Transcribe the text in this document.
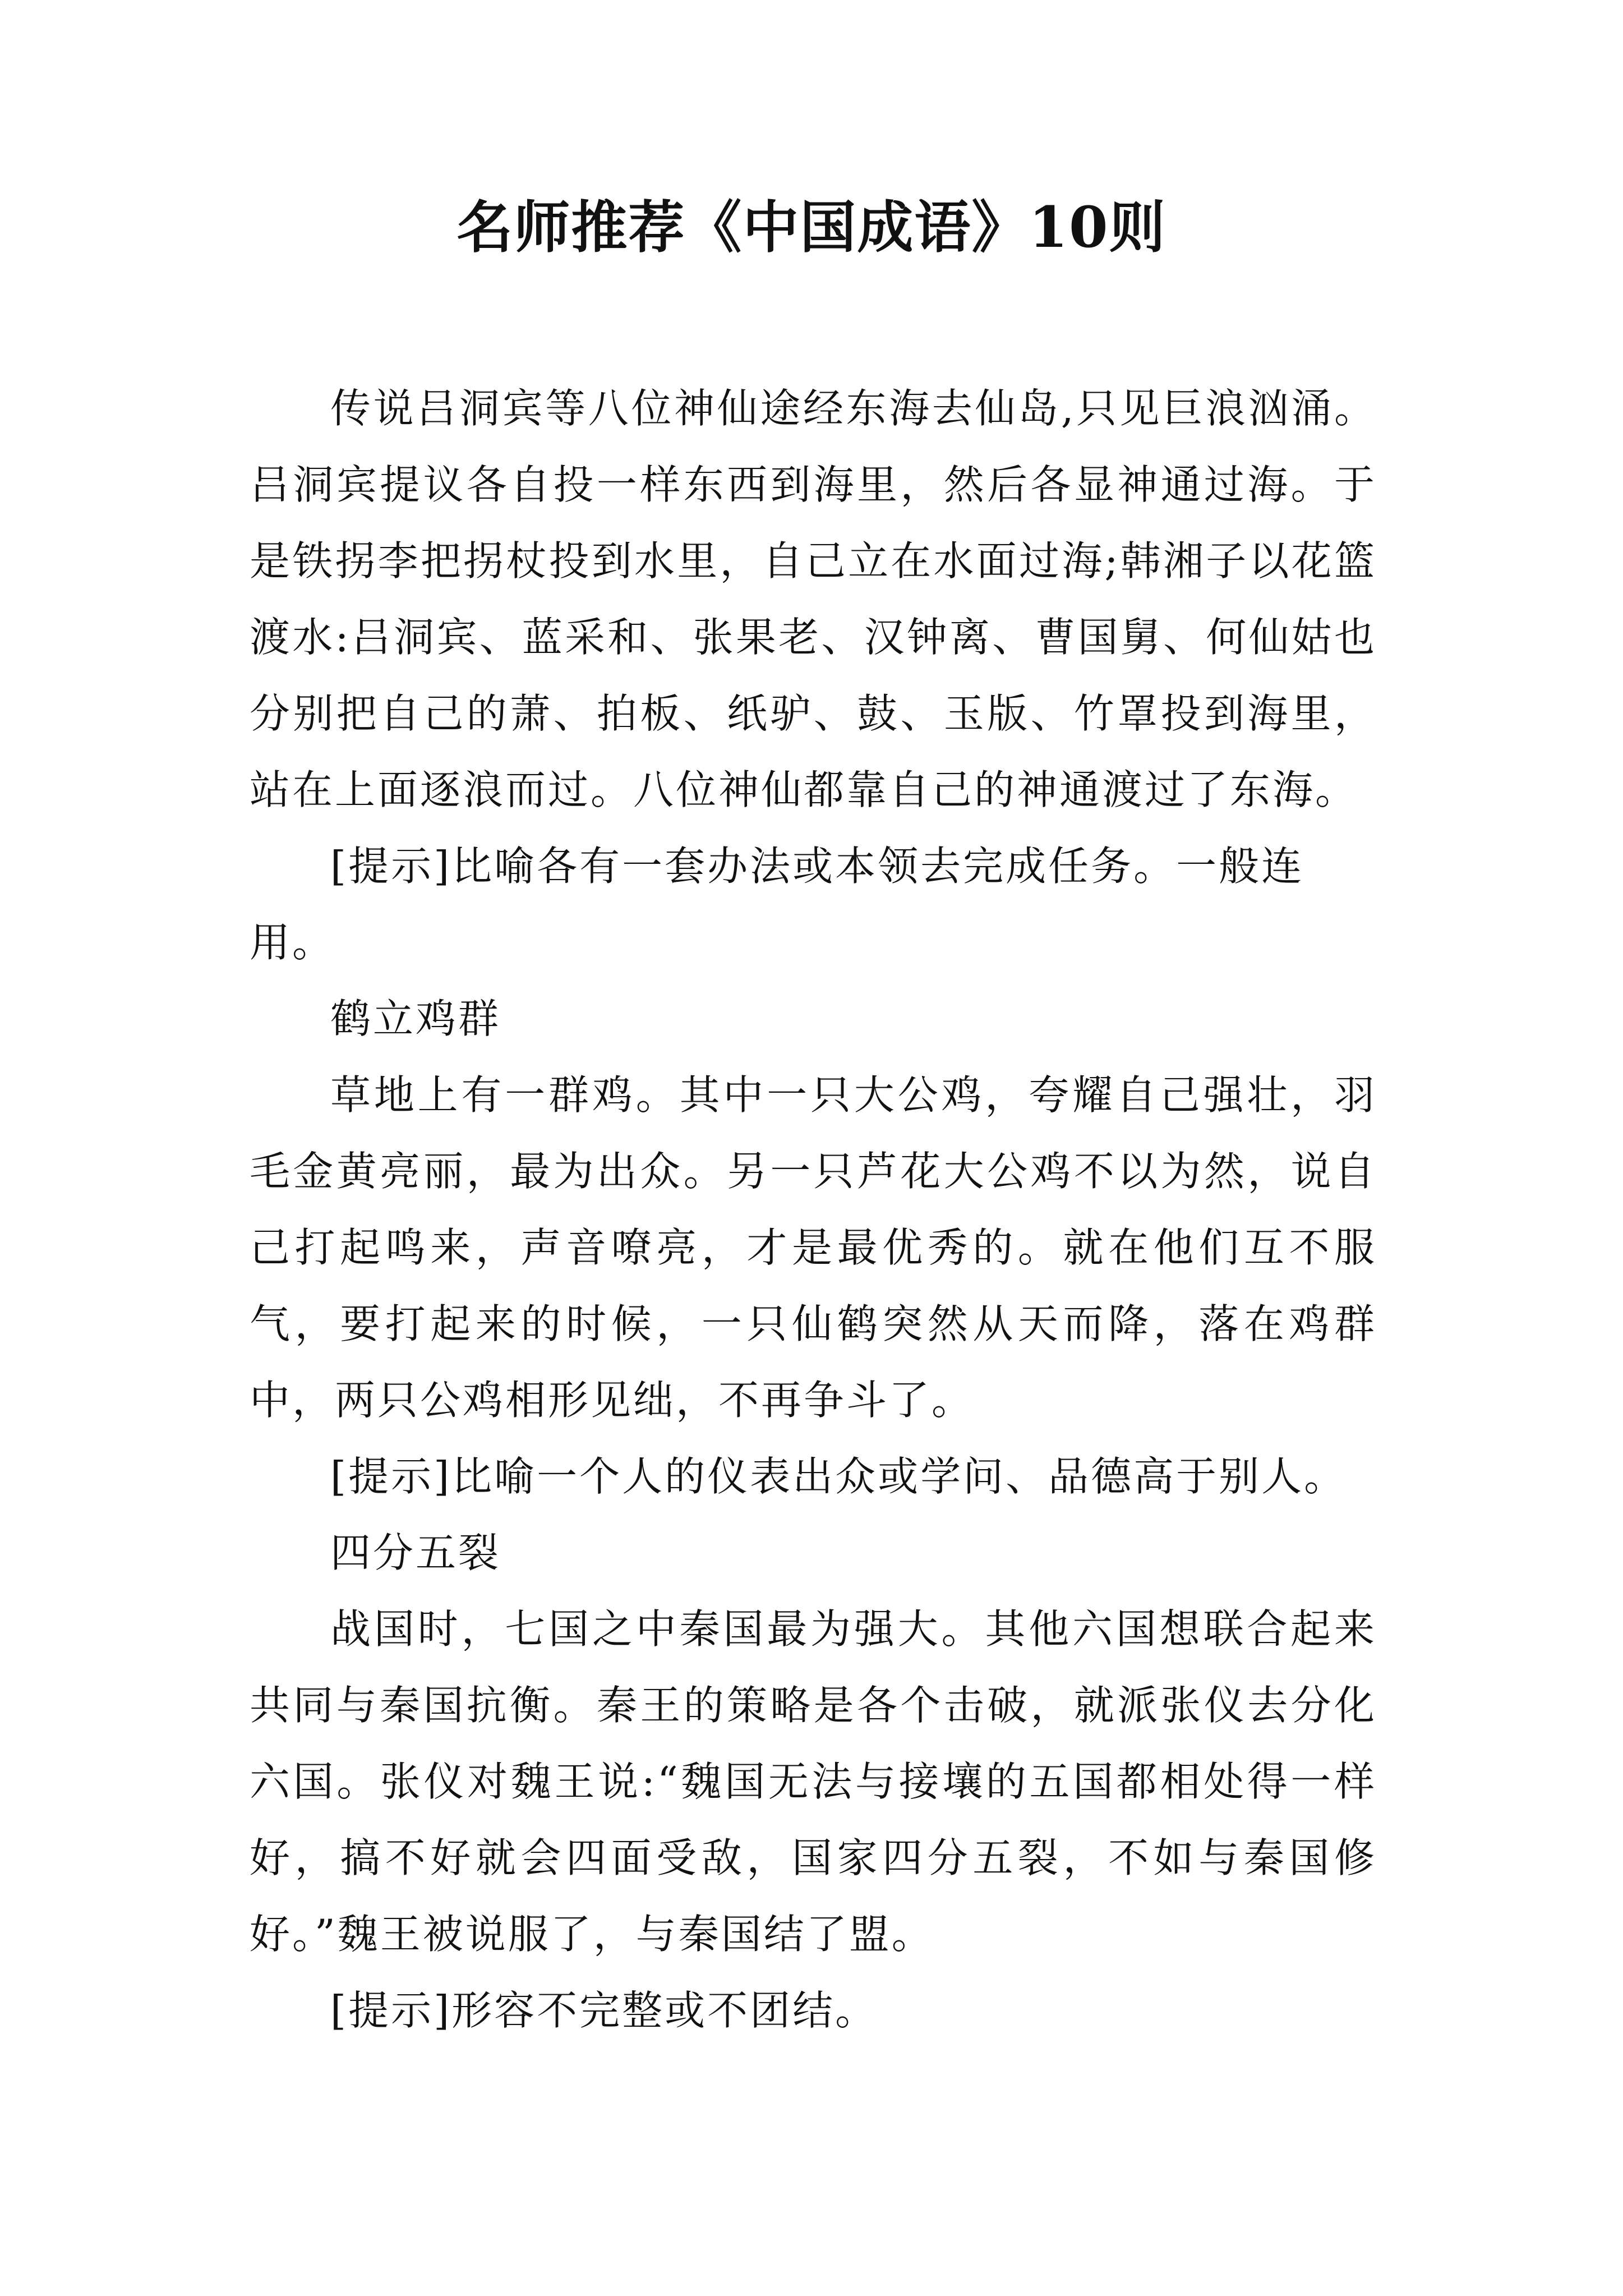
名师推荐《中国成语》10则

传说吕洞宾等八位神仙途经东海去仙岛,只见巨浪汹涌。吕洞宾提议各自投一样东西到海里，然后各显神通过海。于是铁拐李把拐杖投到水里，自己立在水面过海;韩湘子以花篮渡水:吕洞宾、蓝采和、张果老、汉钟离、曹国舅、何仙姑也分别把自己的萧、拍板、纸驴、鼓、玉版、竹罩投到海里，站在上面逐浪而过。八位神仙都靠自己的神通渡过了东海。

[提示]比喻各有一套办法或本领去完成任务。一般连用。

鹤立鸡群

草地上有一群鸡。其中一只大公鸡，夸耀自己强壮，羽毛金黄亮丽，最为出众。另一只芦花大公鸡不以为然，说自己打起鸣来，声音嘹亮，才是最优秀的。就在他们互不服气，要打起来的时候，一只仙鹤突然从天而降，落在鸡群中，两只公鸡相形见绌，不再争斗了。

[提示]比喻一个人的仪表出众或学问、品德高于别人。

四分五裂

战国时，七国之中秦国最为强大。其他六国想联合起来共同与秦国抗衡。秦王的策略是各个击破，就派张仪去分化六国。张仪对魏王说:“魏国无法与接壤的五国都相处得一样好，搞不好就会四面受敌，国家四分五裂，不如与秦国修好。”魏王被说服了，与秦国结了盟。

[提示]形容不完整或不团结。
